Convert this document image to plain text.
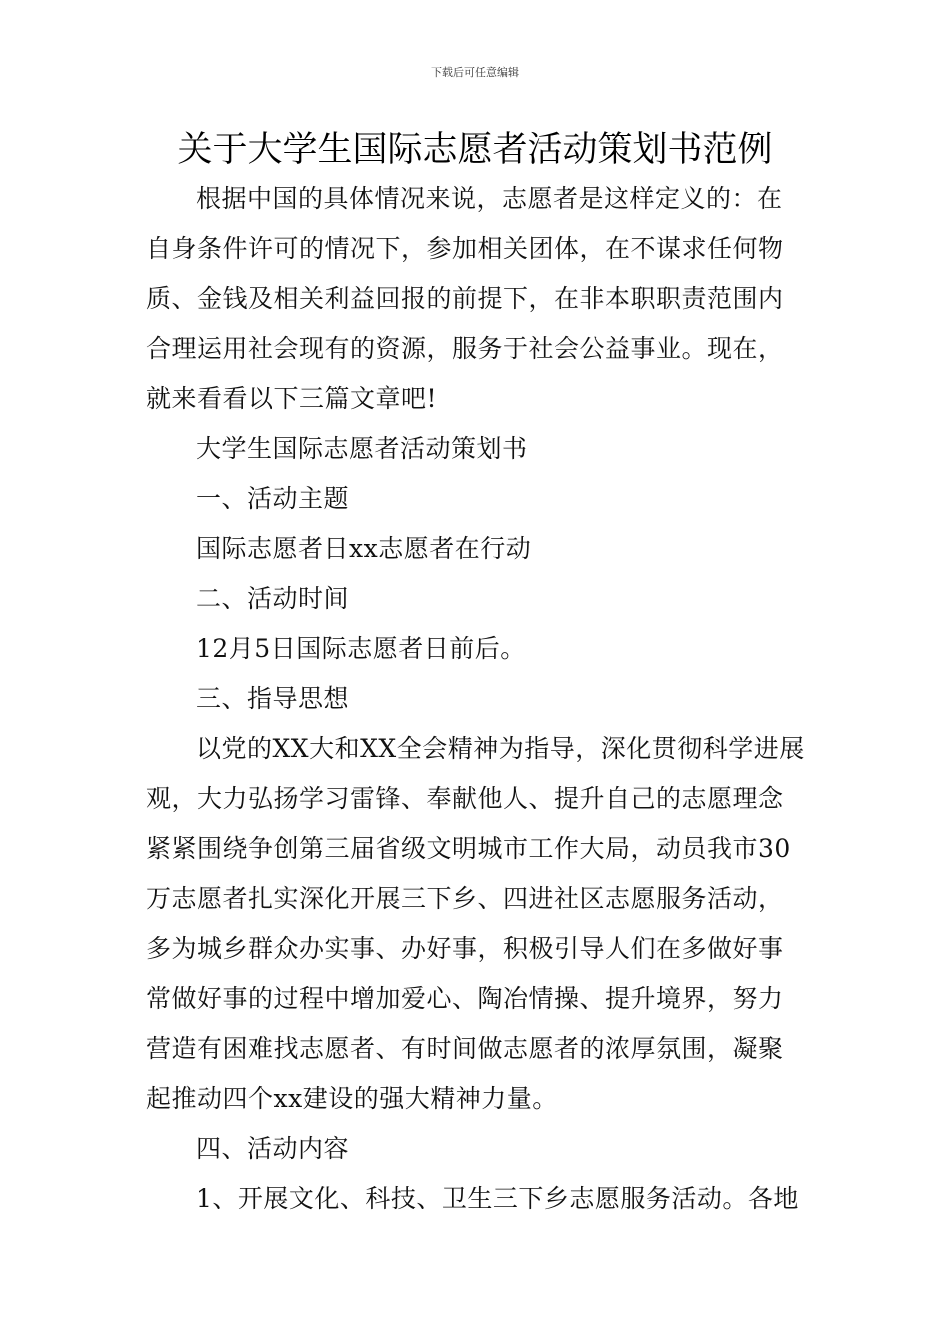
下载后可任意编辑
关于大学生国际志愿者活动策划书范例

根据中国的具体情况来说，志愿者是这样定义的：在自身条件许可的情况下，参加相关团体，在不谋求任何物质、金钱及相关利益回报的前提下，在非本职职责范围内合理运用社会现有的资源，服务于社会公益事业。现在，就来看看以下三篇文章吧!

大学生国际志愿者活动策划书

一、活动主题

国际志愿者日xx志愿者在行动

二、活动时间

12月5日国际志愿者日前后。

三、指导思想

以党的XX大和XX全会精神为指导，深化贯彻科学进展观，大力弘扬学习雷锋、奉献他人、提升自己的志愿理念紧紧围绕争创第三届省级文明城市工作大局，动员我市30万志愿者扎实深化开展三下乡、四进社区志愿服务活动，多为城乡群众办实事、办好事，积极引导人们在多做好事常做好事的过程中增加爱心、陶冶情操、提升境界，努力营造有困难找志愿者、有时间做志愿者的浓厚氛围，凝聚起推动四个xx建设的强大精神力量。

四、活动内容

1、开展文化、科技、卫生三下乡志愿服务活动。各地
